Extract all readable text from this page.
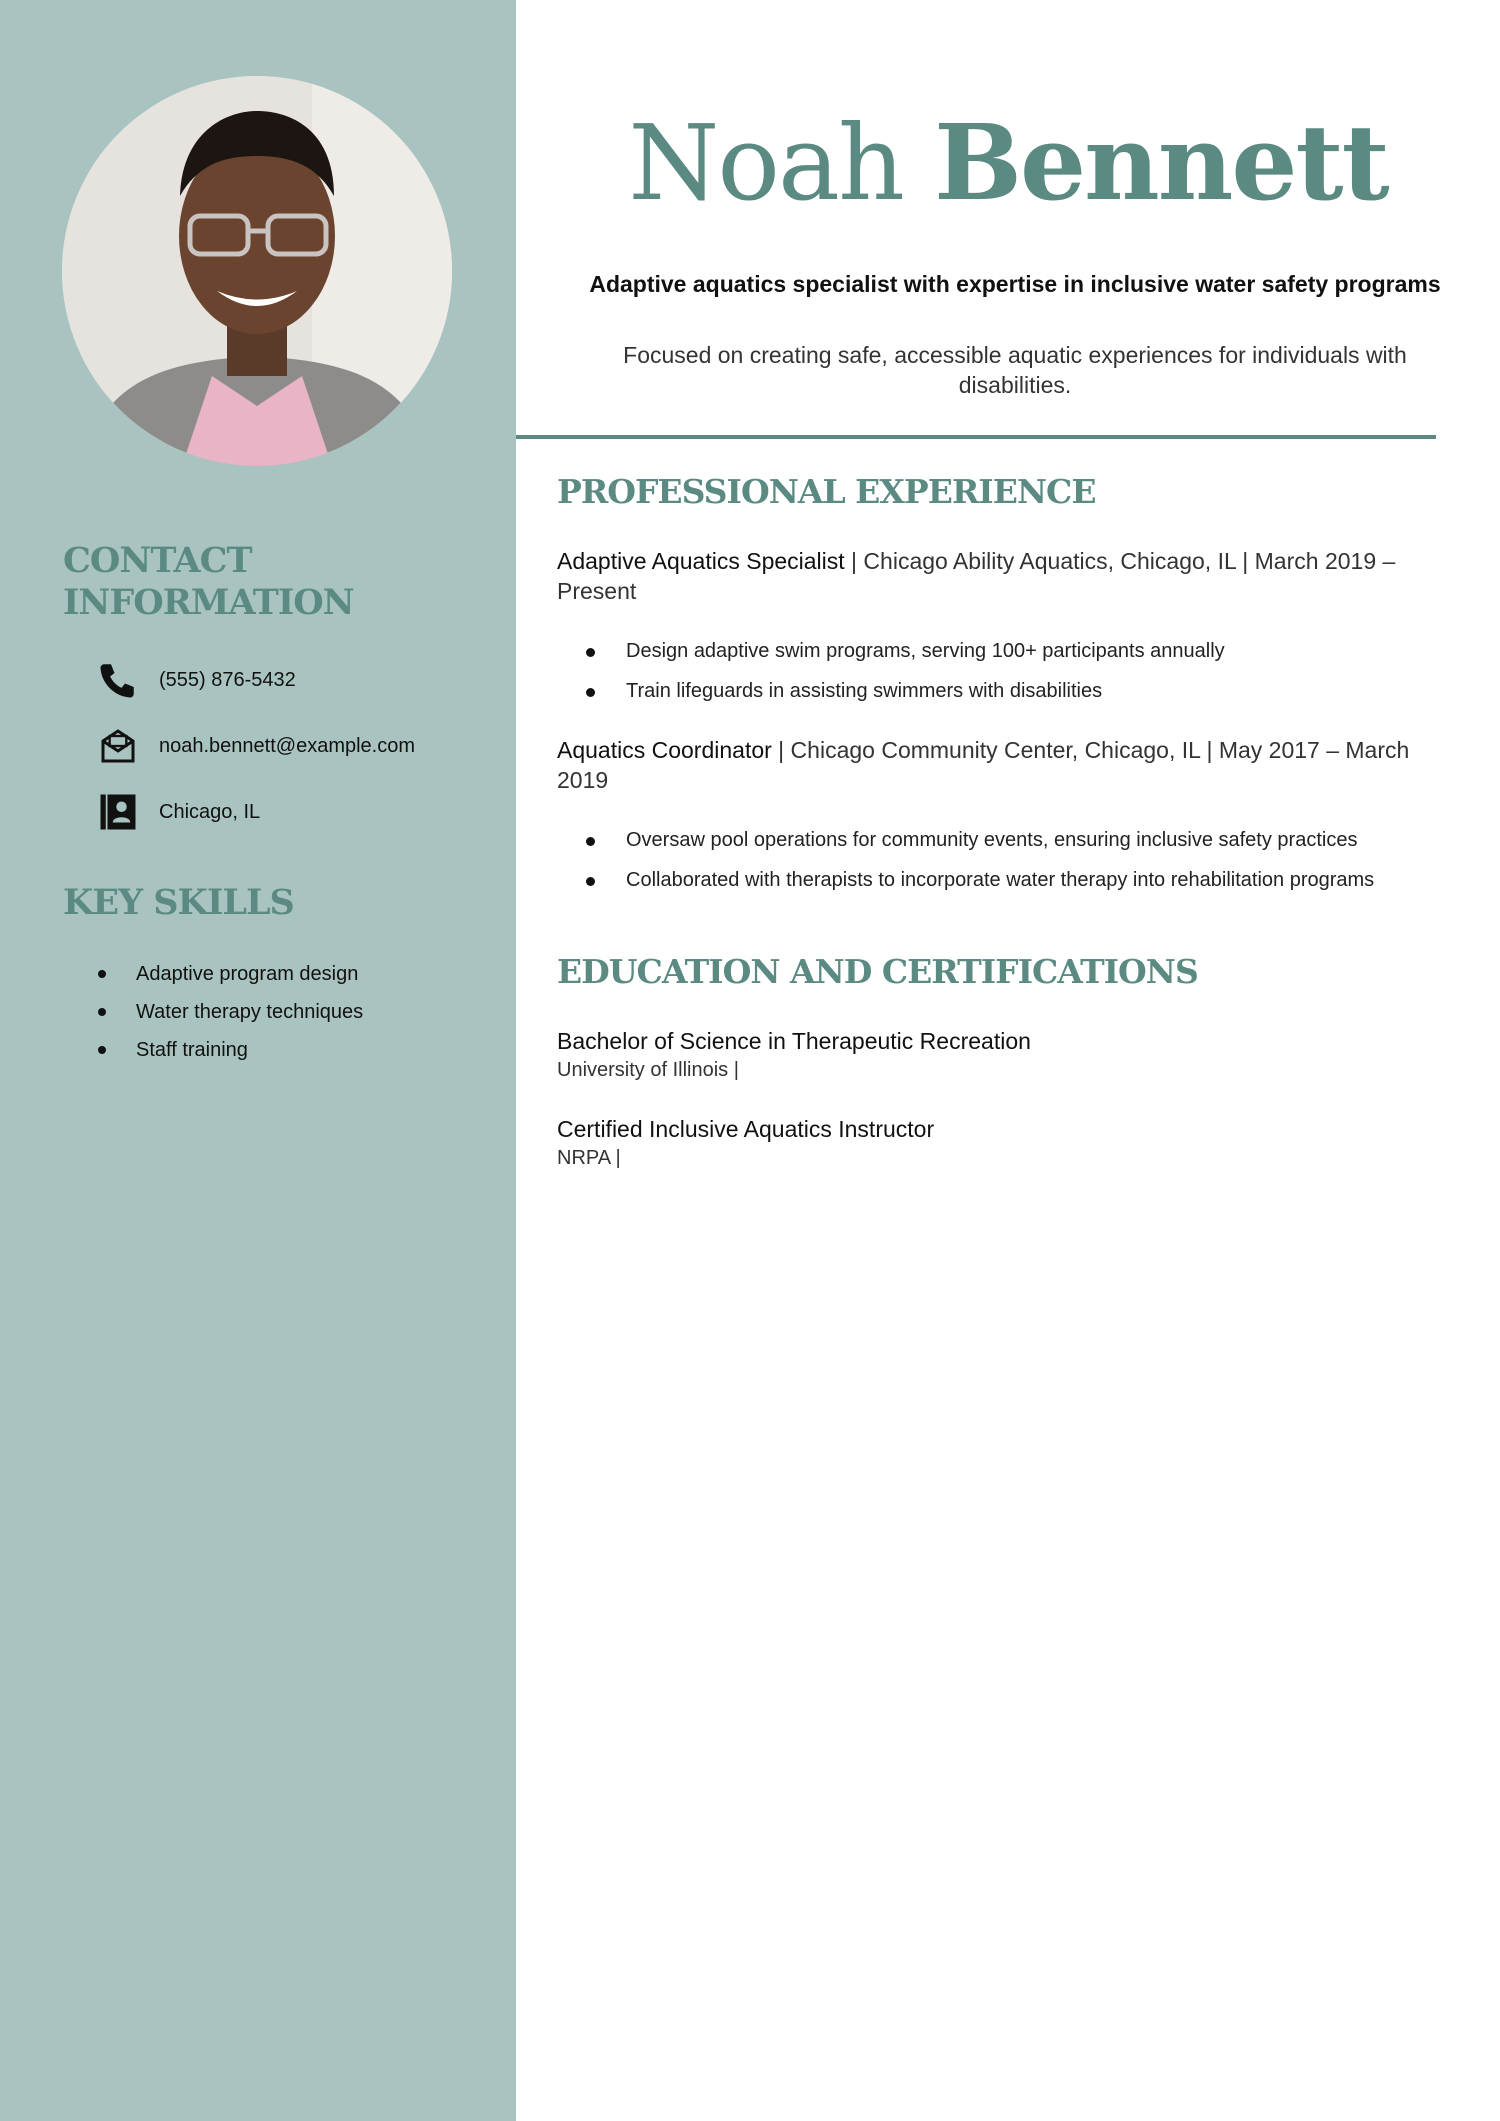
CONTACT
INFORMATION
(555) 876-5432
noah.bennett@example.com
Chicago, IL
KEY SKILLS
Adaptive program design
Water therapy techniques
Staff training
Noah Bennett
Adaptive aquatics specialist with expertise in inclusive water safety programs
Focused on creating safe, accessible aquatic experiences for individuals with disabilities.
PROFESSIONAL EXPERIENCE
Adaptive Aquatics Specialist | Chicago Ability Aquatics, Chicago, IL | March 2019 – Present
Design adaptive swim programs, serving 100+ participants annually
Train lifeguards in assisting swimmers with disabilities
Aquatics Coordinator | Chicago Community Center, Chicago, IL | May 2017 – March 2019
Oversaw pool operations for community events, ensuring inclusive safety practices
Collaborated with therapists to incorporate water therapy into rehabilitation programs
EDUCATION AND CERTIFICATIONS
Bachelor of Science in Therapeutic Recreation
University of Illinois |
Certified Inclusive Aquatics Instructor
NRPA |
